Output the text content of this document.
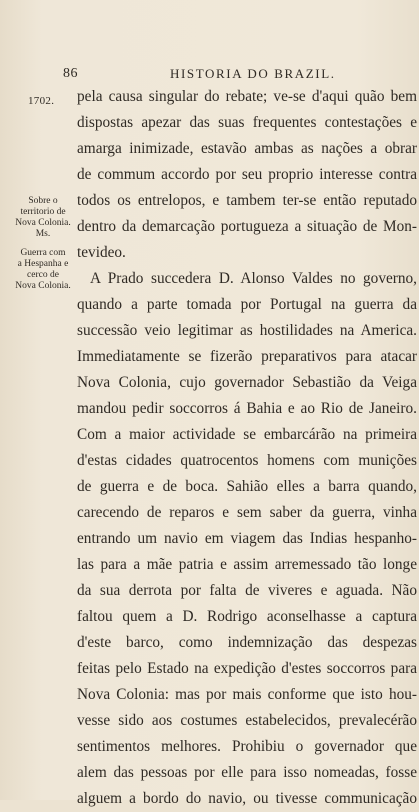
86	HISTORIA DO BRAZIL.
1702.
Sobre o
territorio de
Nova Colonia.
Ms.
Guerra com
a Hespanha e
cerco de
Nova Colonia.
pela causa singular do rebate; ve-se d'aqui quão bem
dispostas apezar das suas frequentes contestações e
amarga inimizade, estavão ambas as nações a obrar
de commum accordo por seu proprio interesse contra
todos os entrelopos, e tambem ter-se então reputado
dentro da demarcação portugueza a situação de Mon-
tevideo.
A Prado succedera D. Alonso Valdes no governo,
quando a parte tomada por Portugal na guerra da
successão veio legitimar as hostilidades na America.
Immediatamente se fizerão preparativos para atacar
Nova Colonia, cujo governador Sebastião da Veiga
mandou pedir soccorros á Bahia e ao Rio de Janeiro.
Com a maior actividade se embarcárão na primeira
d'estas cidades quatrocentos homens com munições
de guerra e de boca. Sahião elles a barra quando,
carecendo de reparos e sem saber da guerra, vinha
entrando um navio em viagem das Indias hespanho-
las para a mãe patria e assim arremessado tão longe
da sua derrota por falta de viveres e aguada. Não
faltou quem a D. Rodrigo aconselhasse a captura
d'este barco, como indemnização das despezas
feitas pelo Estado na expedição d'estes soccorros para
Nova Colonia: mas por mais conforme que isto hou-
vesse sido aos costumes estabelecidos, prevalecérão
sentimentos melhores. Prohibiu o governador que
alem das pessoas por elle para isso nomeadas, fosse
alguem a bordo do navio, ou tivesse communicação
